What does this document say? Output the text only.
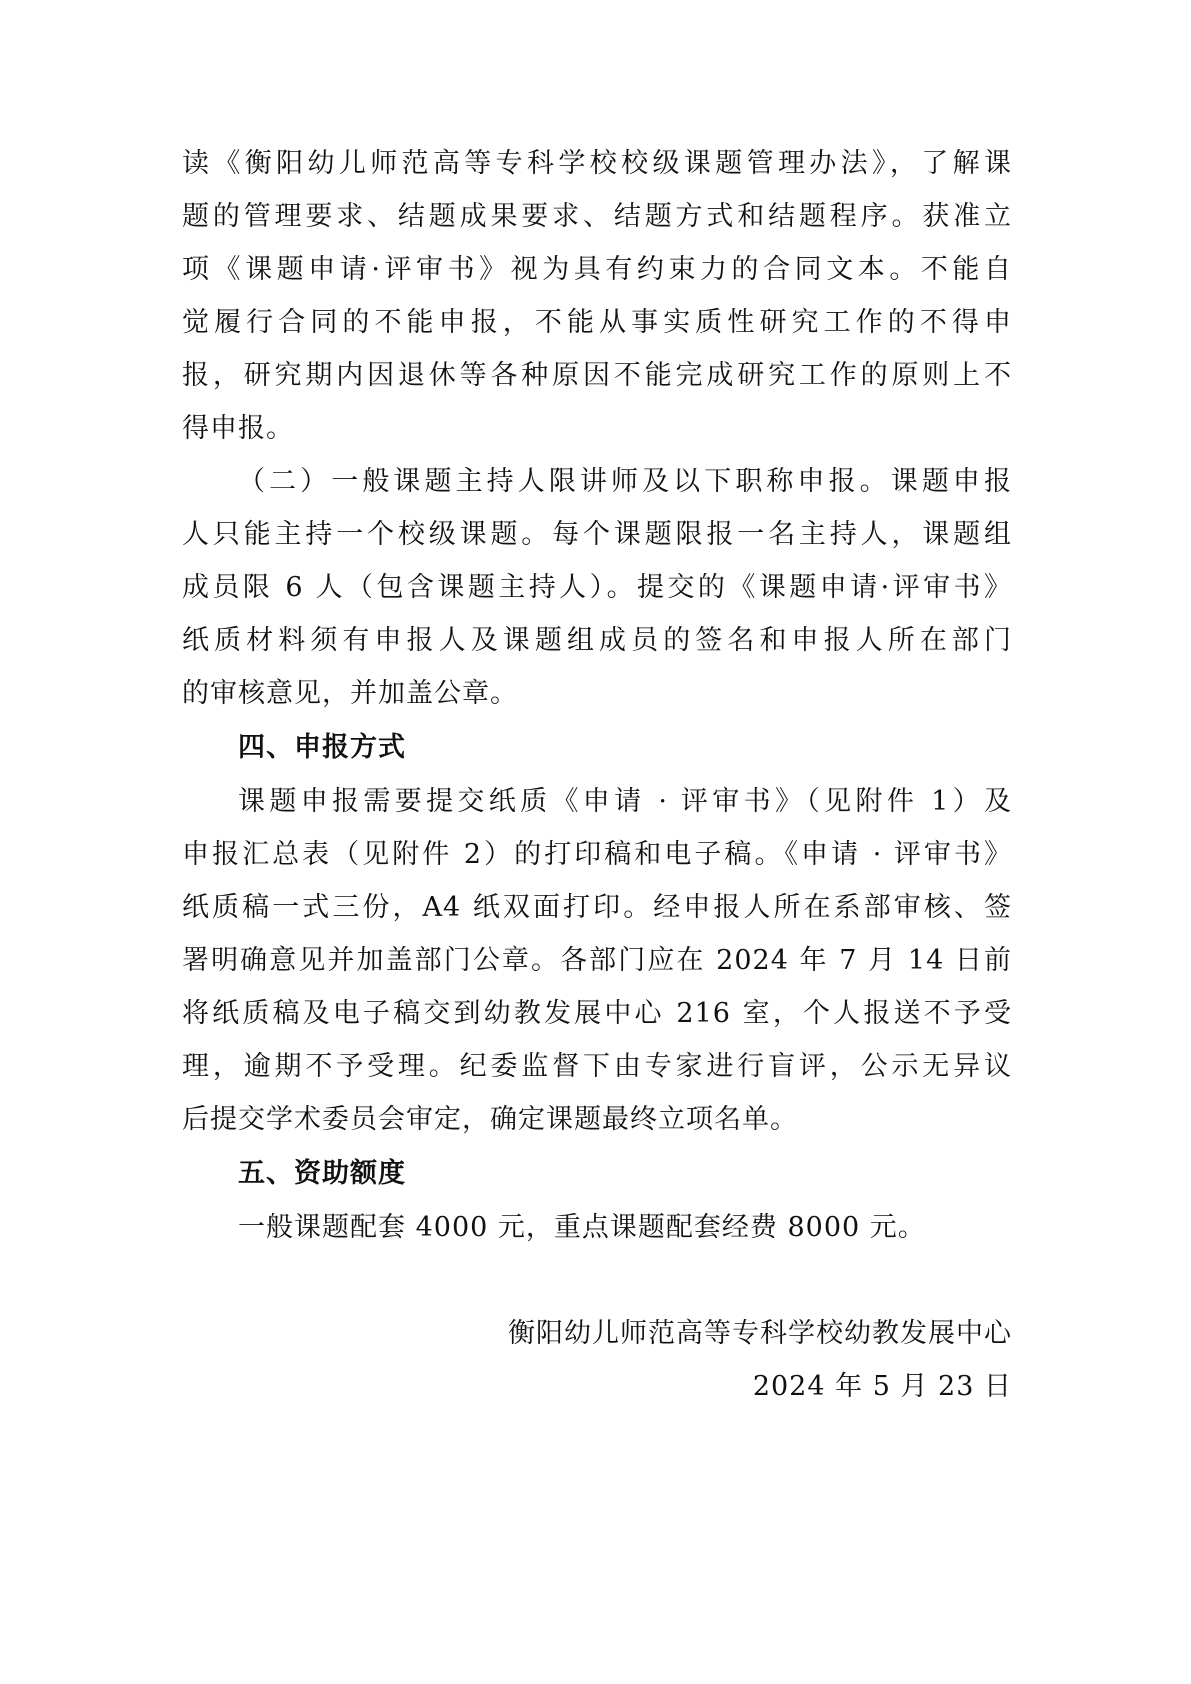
读《衡阳幼儿师范高等专科学校校级课题管理办法》，了解课
题的管理要求、结题成果要求、结题方式和结题程序。获准立
项《课题申请·评审书》视为具有约束力的合同文本。不能自
觉履行合同的不能申报，不能从事实质性研究工作的不得申
报，研究期内因退休等各种原因不能完成研究工作的原则上不
得申报。
（二）一般课题主持人限讲师及以下职称申报。课题申报
人只能主持一个校级课题。每个课题限报一名主持人，课题组
成员限 6 人（包含课题主持人）。提交的《课题申请·评审书》
纸质材料须有申报人及课题组成员的签名和申报人所在部门
的审核意见，并加盖公章。
四、申报方式
课题申报需要提交纸质《申请 · 评审书》（见附件 1）及
申报汇总表（见附件 2）的打印稿和电子稿。《申请 · 评审书》
纸质稿一式三份，A4 纸双面打印。经申报人所在系部审核、签
署明确意见并加盖部门公章。各部门应在 2024 年 7 月 14 日前
将纸质稿及电子稿交到幼教发展中心 216 室，个人报送不予受
理，逾期不予受理。纪委监督下由专家进行盲评，公示无异议
后提交学术委员会审定，确定课题最终立项名单。
五、资助额度
一般课题配套 4000 元，重点课题配套经费 8000 元。
衡阳幼儿师范高等专科学校幼教发展中心
2024 年 5 月 23 日
